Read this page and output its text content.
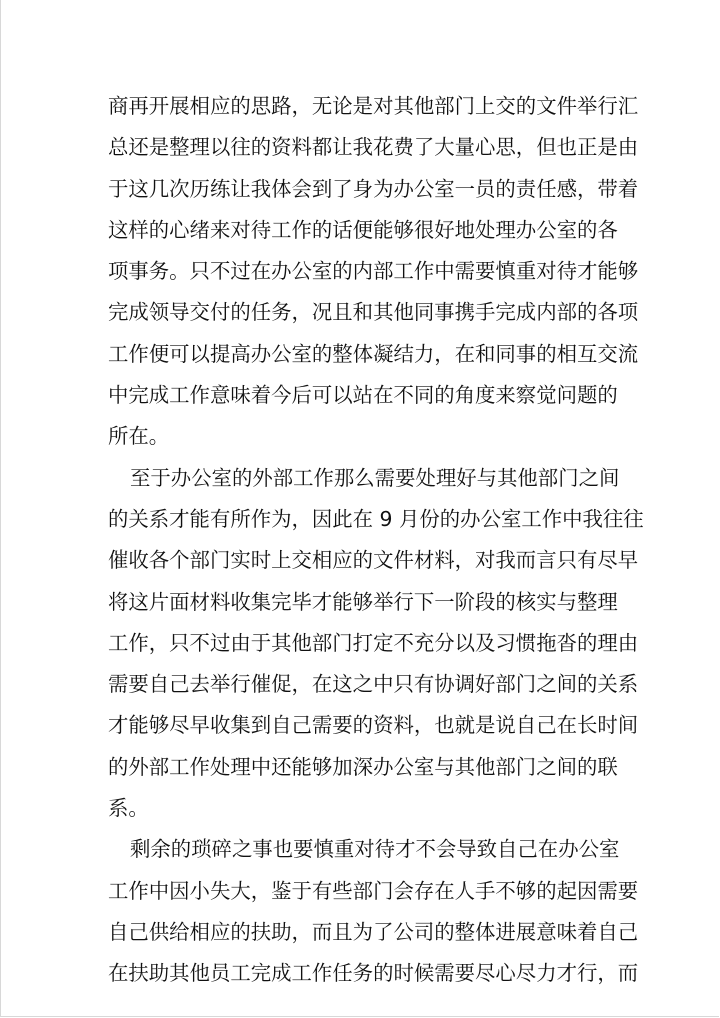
商再开展相应的思路，无论是对其他部门上交的文件举行汇
总还是整理以往的资料都让我花费了大量心思，但也正是由
于这几次历练让我体会到了身为办公室一员的责任感，带着
这样的心绪来对待工作的话便能够很好地处理办公室的各
项事务。只不过在办公室的内部工作中需要慎重对待才能够
完成领导交付的任务，况且和其他同事携手完成内部的各项
工作便可以提高办公室的整体凝结力，在和同事的相互交流
中完成工作意味着今后可以站在不同的角度来察觉问题的
所在。
至于办公室的外部工作那么需要处理好与其他部门之间
的关系才能有所作为，因此在 9 月份的办公室工作中我往往
催收各个部门实时上交相应的文件材料，对我而言只有尽早
将这片面材料收集完毕才能够举行下一阶段的核实与整理
工作，只不过由于其他部门打定不充分以及习惯拖沓的理由
需要自己去举行催促，在这之中只有协调好部门之间的关系
才能够尽早收集到自己需要的资料，也就是说自己在长时间
的外部工作处理中还能够加深办公室与其他部门之间的联
系。
剩余的琐碎之事也要慎重对待才不会导致自己在办公室
工作中因小失大，鉴于有些部门会存在人手不够的起因需要
自己供给相应的扶助，而且为了公司的整体进展意味着自己
在扶助其他员工完成工作任务的时候需要尽心尽力才行，而
